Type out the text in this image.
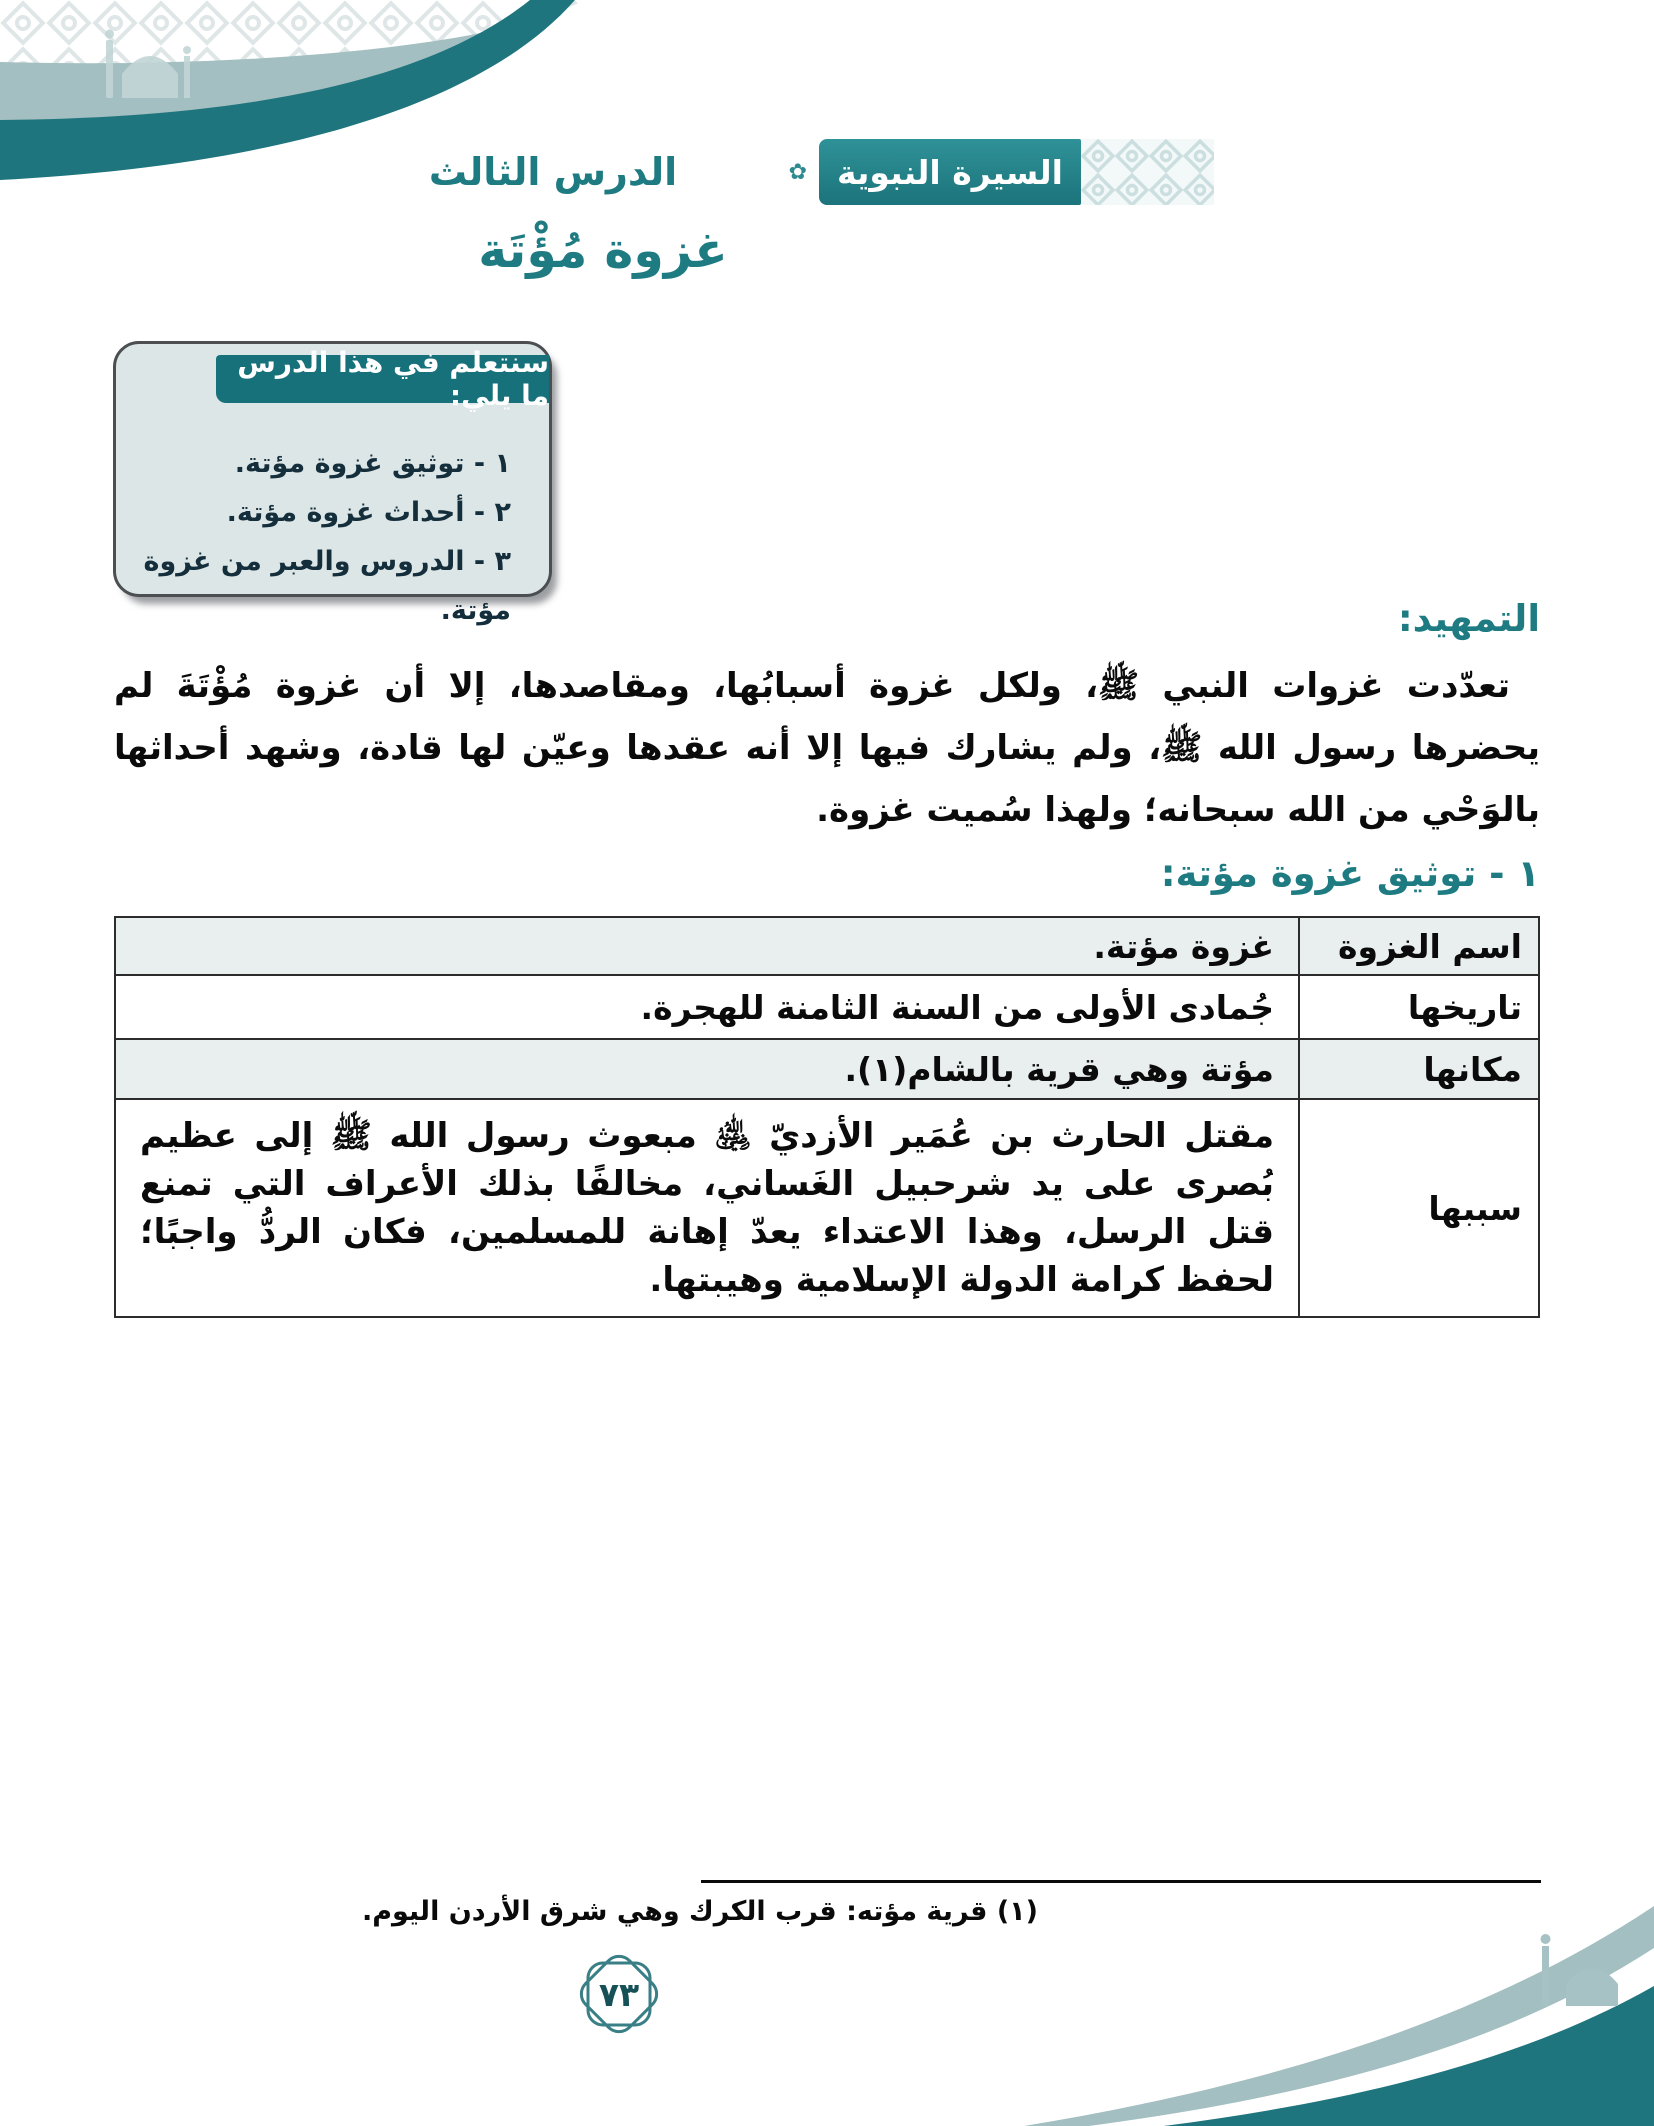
السيرة النبوية
✿
الدرس الثالث
غزوة مُؤْتَة
سنتعلم في هذا الدرس ما يلي:
١ - توثيق غزوة مؤتة.
٢ - أحداث غزوة مؤتة.
٣ - الدروس والعبر من غزوة مؤتة.	التمهيد:
تعدّدت غزوات النبي ﷺ، ولكل غزوة أسبابُها، ومقاصدها، إلا أن غزوة مُؤْتَةَ لم يحضرها رسول الله ﷺ، ولم يشارك فيها إلا أنه عقدها وعيّن لها قادة، وشهد أحداثها بالوَحْي من الله سبحانه؛ ولهذا سُميت غزوة.
١ - توثيق غزوة مؤتة:
اسم الغزوة	غزوة مؤتة.
تاريخها	جُمادى الأولى من السنة الثامنة للهجرة.
مكانها	مؤتة وهي قرية بالشام(١).
سببها	مقتل الحارث بن عُمَير الأزديّ ﵁ مبعوث رسول الله ﷺ إلى عظيم بُصرى على يد شرحبيل الغَساني، مخالفًا بذلك الأعراف التي تمنع قتل الرسل، وهذا الاعتداء يعدّ إهانة للمسلمين، فكان الردُّ واجبًا؛ لحفظ كرامة الدولة الإسلامية وهيبتها.
(١) قرية مؤته: قرب الكرك وهي شرق الأردن اليوم.
٧٣
